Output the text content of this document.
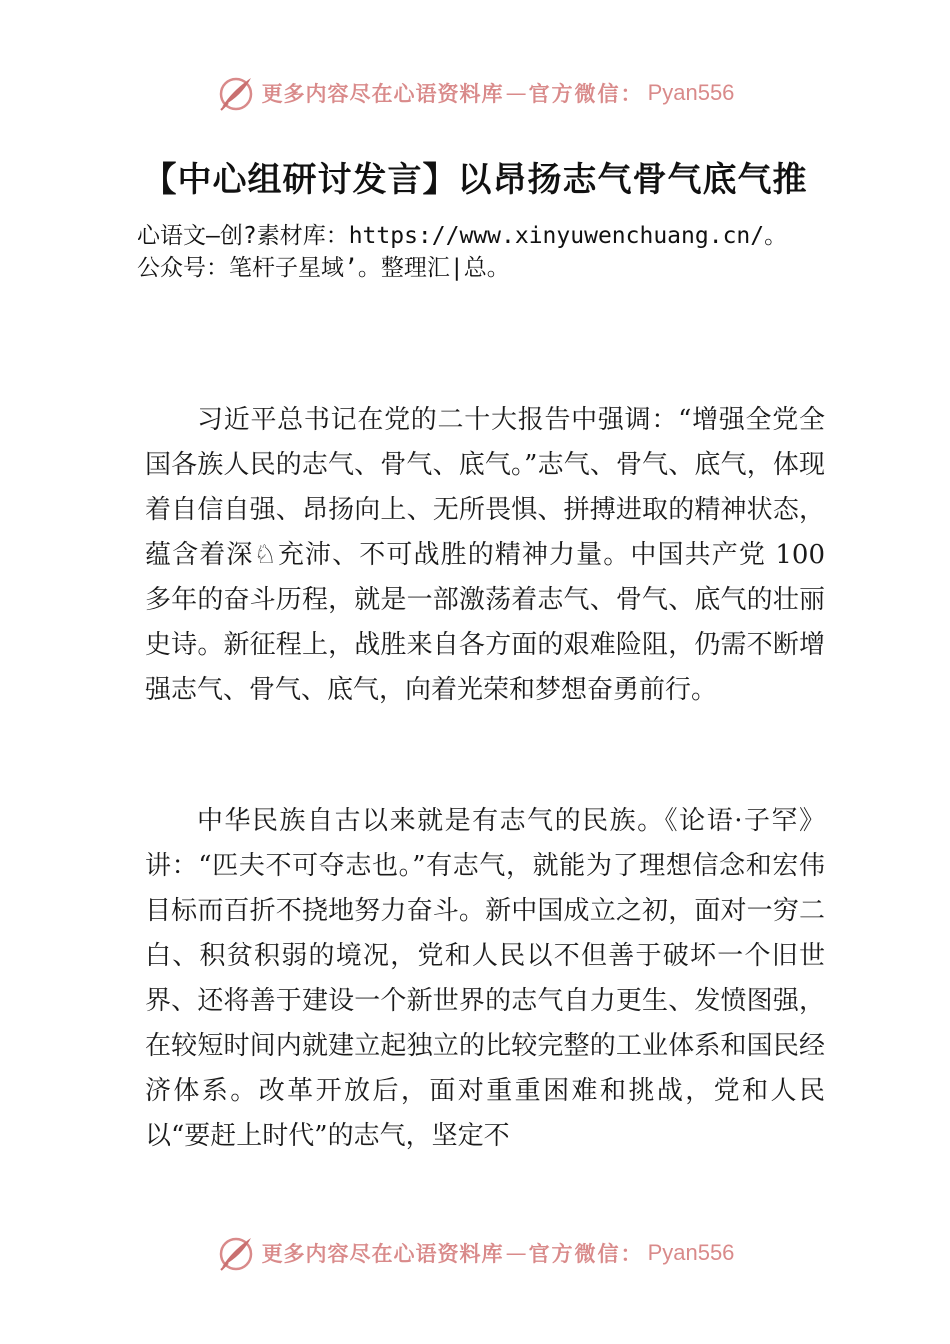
更多内容尽在心语资料库 — 官方微信： Pyan556
【中心组研讨发言】以昂扬志气骨气底气推
心语文—创?素材库：https://www.xinyuwenchuang.cn/。
公众号：笔杆子星域’。整理汇|总。

习近平总书记在党的二十大报告中强调：“增强全党全国各族人民的志气、骨气、底气。”志气、骨气、底气，体现着自信自强、昂扬向上、无所畏惧、拼搏进取的精神状态，蕴含着深♘充沛、不可战胜的精神力量。中国共产党 100 多年的奋斗历程，就是一部激荡着志气、骨气、底气的壮丽史诗。新征程上，战胜来自各方面的艰难险阻，仍需不断增强志气、骨气、底气，向着光荣和梦想奋勇前行。

中华民族自古以来就是有志气的民族。《论语·子罕》讲：“匹夫不可夺志也。”有志气，就能为了理想信念和宏伟目标而百折不挠地努力奋斗。新中国成立之初，面对一穷二白、积贫积弱的境况，党和人民以不但善于破坏一个旧世界、还将善于建设一个新世界的志气自力更生、发愤图强，在较短时间内就建立起独立的比较完整的工业体系和国民经济体系。改革开放后，面对重重困难和挑战，党和人民以“要赶上时代”的志气，坚定不

更多内容尽在心语资料库 — 官方微信： Pyan556
